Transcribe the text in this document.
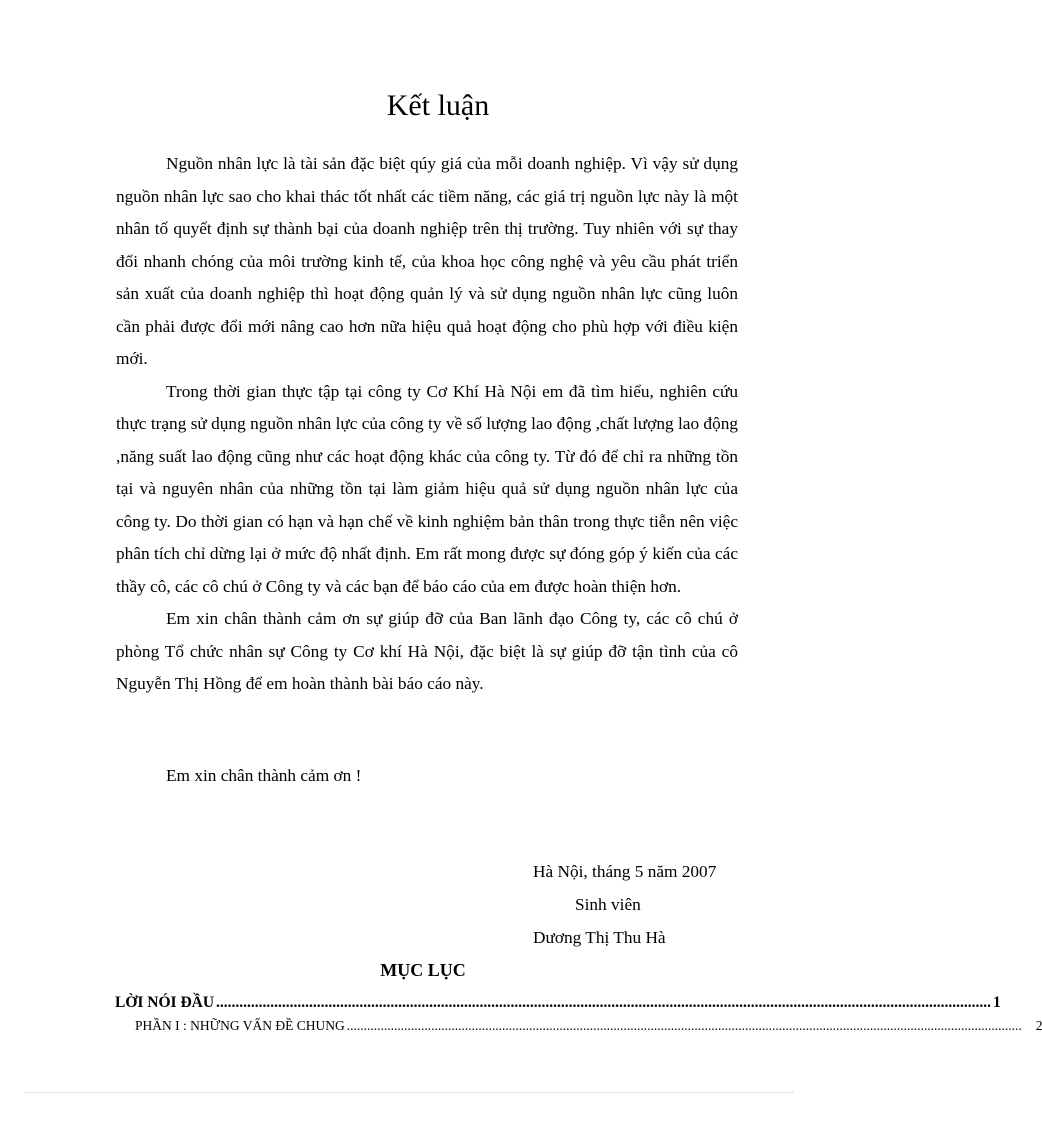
Kết luận

Nguồn nhân lực là tài sản đặc biệt qúy giá của mỗi doanh nghiệp. Vì vậy sử dụng nguồn nhân lực sao cho khai thác tốt nhất các tiềm năng, các giá trị nguồn lực này là một nhân tố quyết định sự thành bại của doanh nghiệp trên thị trường. Tuy nhiên với sự thay đổi nhanh chóng của môi trường kinh tế, của khoa học công nghệ và yêu cầu phát triển sản xuất của doanh nghiệp thì hoạt động quản lý và sử dụng nguồn nhân lực cũng luôn cần phải được đổi mới nâng cao hơn nữa hiệu quả hoạt động cho phù hợp với điều kiện mới.

Trong thời gian thực tập tại công ty Cơ Khí Hà Nội em đã tìm hiểu, nghiên cứu thực trạng sử dụng nguồn nhân lực của công ty về số lượng lao động ,chất lượng lao động ,năng suất lao động cũng như các hoạt động khác của công ty. Từ đó để chỉ ra những tồn tại và nguyên nhân của những tồn tại làm giảm hiệu quả sử dụng nguồn nhân lực của công ty. Do thời gian có hạn và hạn chế về kinh nghiệm bản thân trong thực tiễn nên việc phân tích chỉ dừng lại ở mức độ nhất định. Em rất mong được sự đóng góp ý kiến của các thầy cô, các cô chú ở Công ty và các bạn để báo cáo của em được hoàn thiện hơn.

Em xin chân thành cảm ơn sự giúp đỡ của Ban lãnh đạo Công ty, các cô chú ở phòng Tổ chức nhân sự Công ty Cơ khí Hà Nội, đặc biệt là sự giúp đỡ tận tình của cô Nguyễn Thị Hồng để em hoàn thành bài báo cáo này.

Em xin chân thành cảm ơn !
Hà Nội, tháng 5 năm 2007
Sinh viên
Dương Thị Thu Hà
MỤC LỤC
LỜI NÓI ĐẦU ........................................................................................................................................................................................................ 1
PHẦN I : NHỮNG VẤN ĐỀ CHUNG ........................................................................................................................................................................................................	2
